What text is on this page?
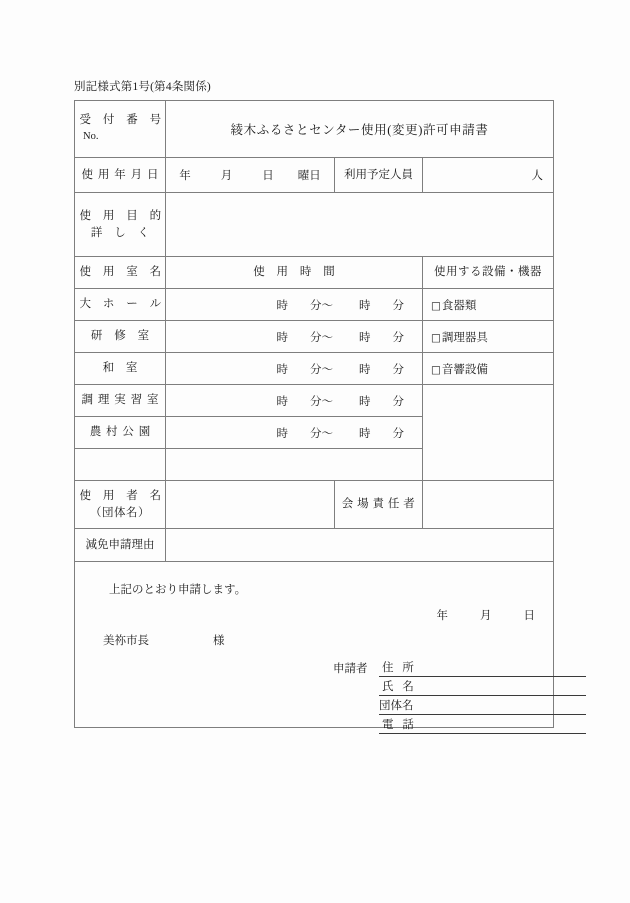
別記様式第1号(第4条関係)
受 付 番 号
No.	綾木ふるさとセンター使用(変更)許可申請書		

使 用 年 月 日	年 月 日 曜日	利用予定人員	人

使 用 目 的
詳 し く			

使 用 室 名	使 用 時 間		使用する設備・機器

大 ホ ー ル	時 分〜 時 分		□食器類

研 修 室	時 分〜 時 分		□調理器具

和 室	時 分〜 時 分		□音響設備

調 理 実 習 室	時 分〜 時 分		

農 村 公 園	時 分〜 時 分		

使 用 者 名
（団体名）		会 場 責 任 者	

減免申請理由			

上記のとおり申請します。
年	月	日
美祢市長	様
申請者 住 所
氏 名
団体名
電 話
